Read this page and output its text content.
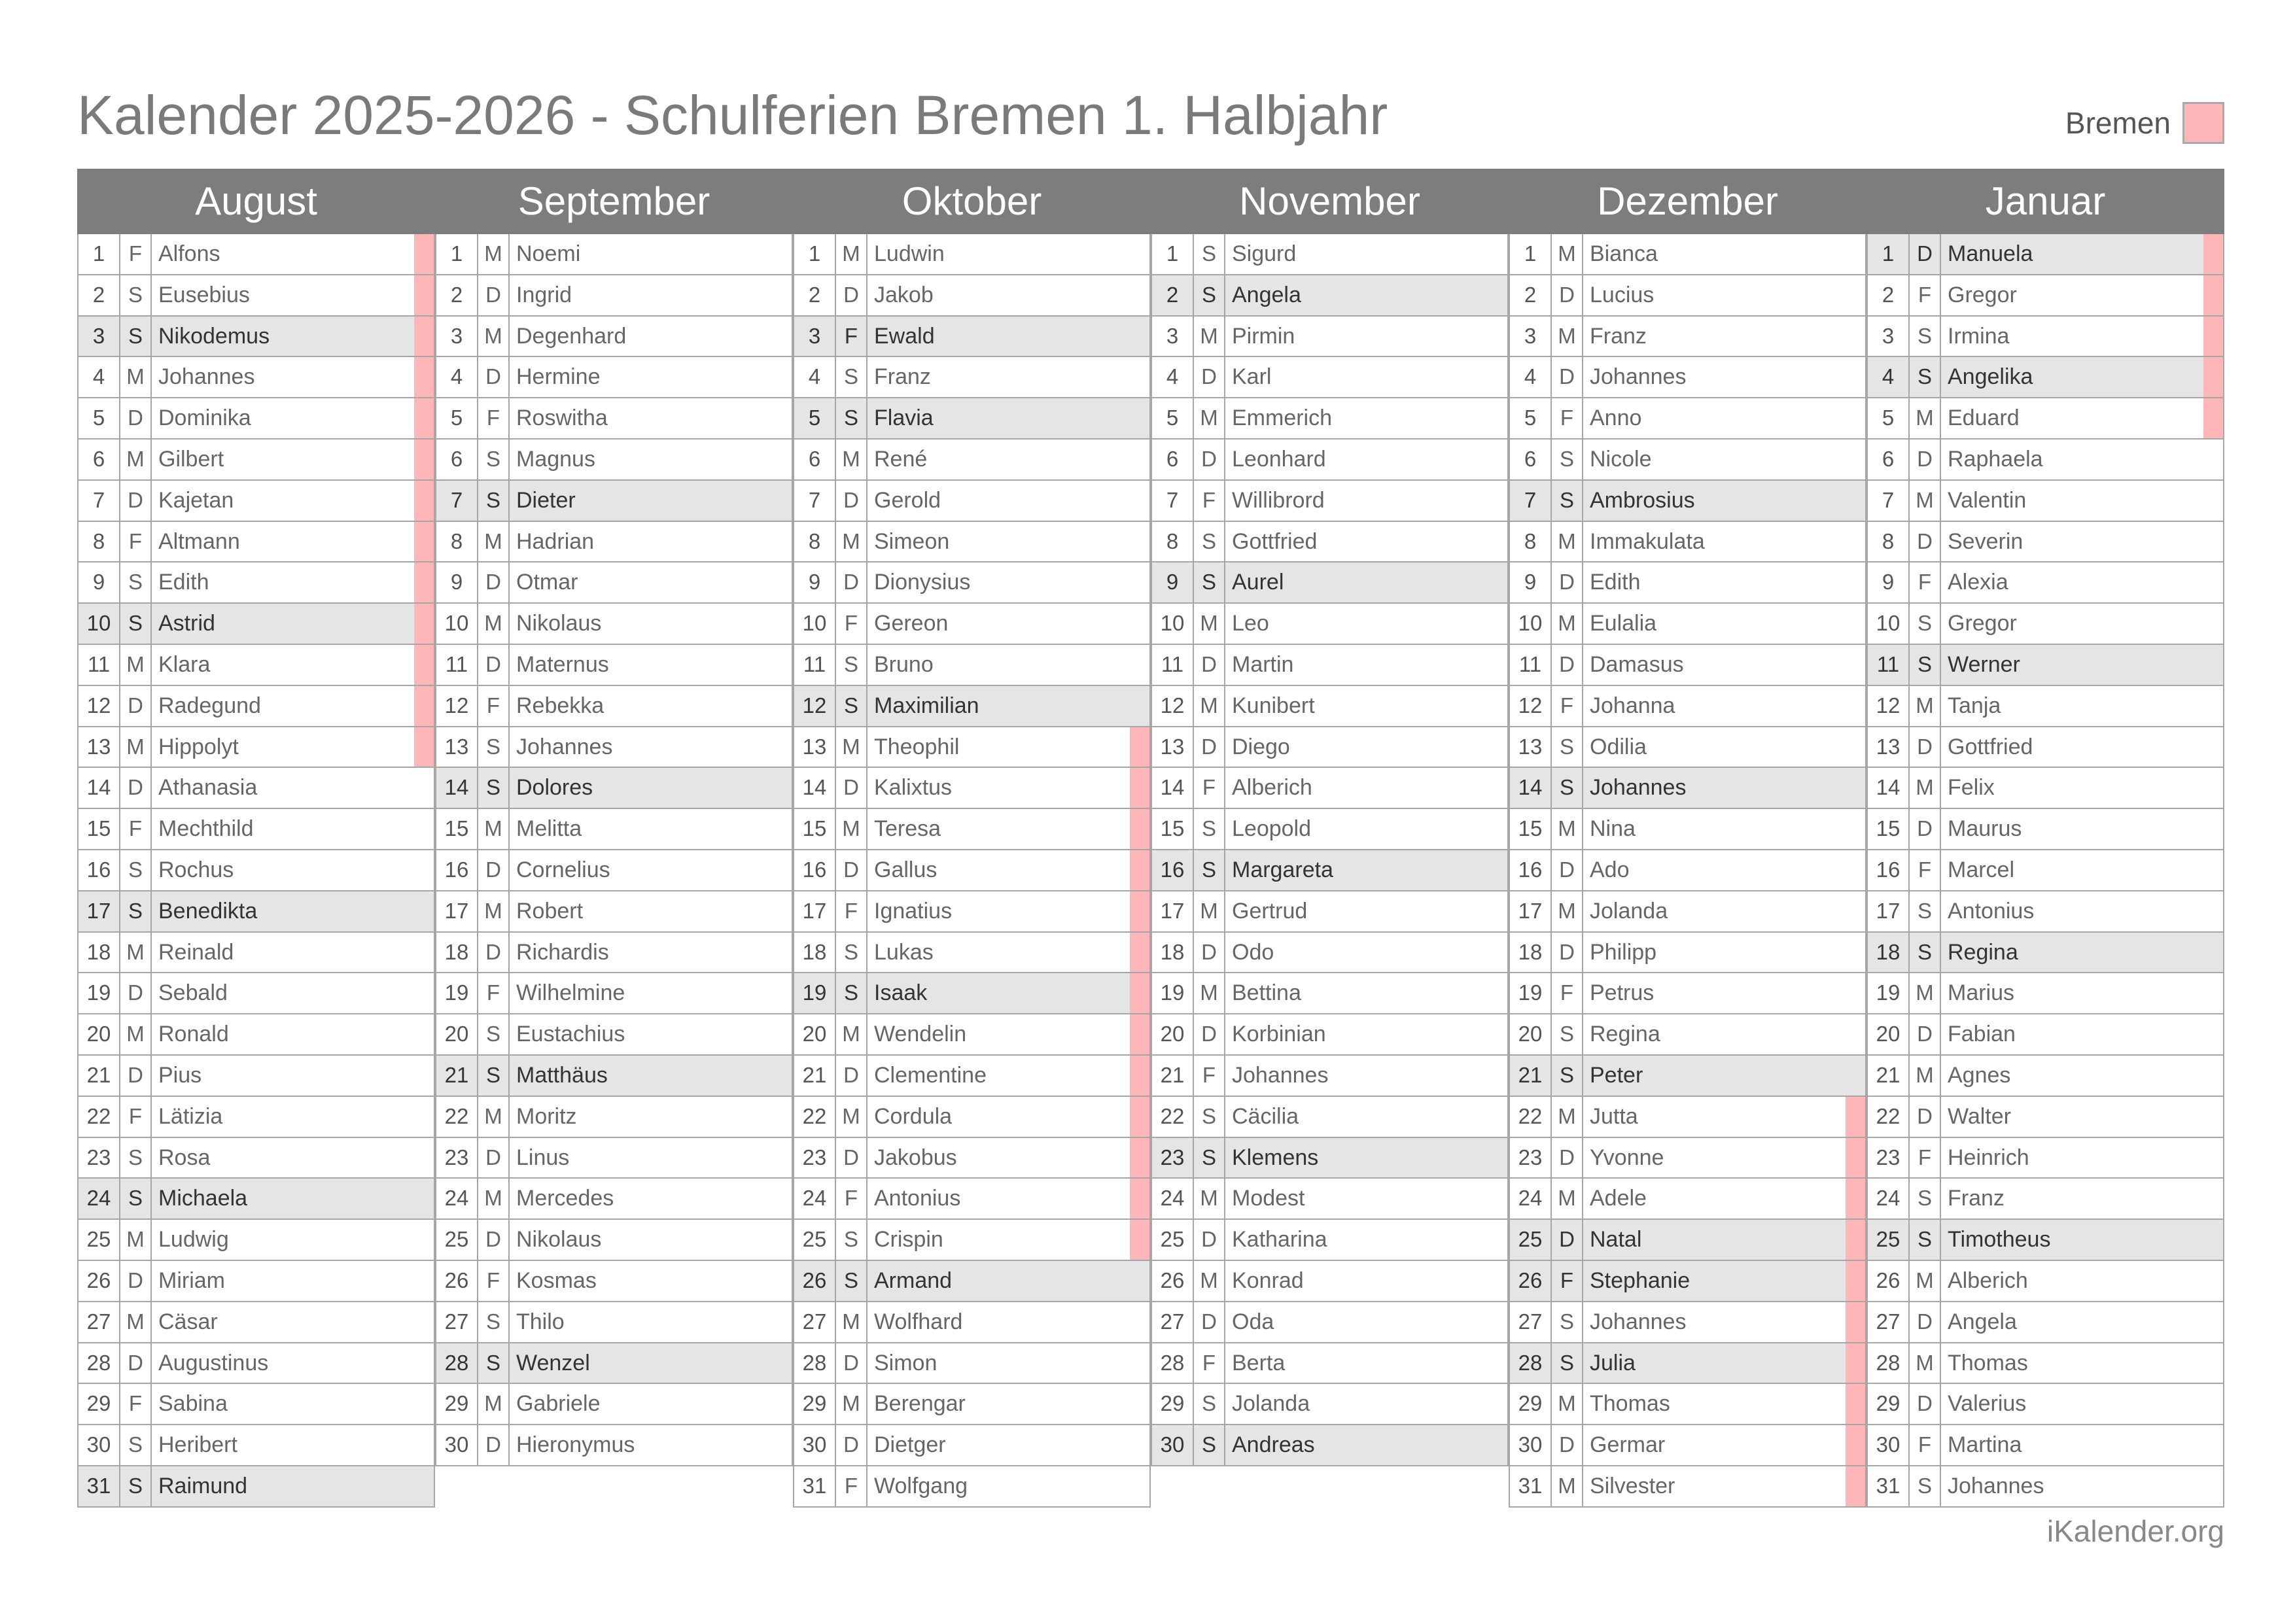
Kalender 2025-2026 - Schulferien Bremen 1. Halbjahr	Bremen
August
1	F Alfons
2	S Eusebius
3	S Nikodemus
4	M Johannes
5	D Dominika
6	M Gilbert
7	D Kajetan
8	F Altmann
9	S Edith
10 S Astrid
11 M Klara
12 D Radegund
13 M Hippolyt
14 D Athanasia
15 F Mechthild
16 S Rochus
17 S Benedikta
18 M Reinald
19 D Sebald
20 M Ronald
21 D Pius
22 F Lätizia
23 S Rosa
24 S Michaela
25 M Ludwig
26 D Miriam
27 M Cäsar
28 D Augustinus
29 F Sabina
30 S Heribert
31 S Raimund
September
1	M Noemi
2	D Ingrid
3	M Degenhard
4	D Hermine
5	F Roswitha
6	S Magnus
7	S Dieter
8	M Hadrian
9	D Otmar
10 M Nikolaus
11 D Maternus
12 F Rebekka
13 S Johannes
14 S Dolores
15 M Melitta
16 D Cornelius
17 M Robert
18 D Richardis
19 F Wilhelmine
20 S Eustachius
21 S Matthäus
22 M Moritz
23 D Linus
24 M Mercedes
25 D Nikolaus
26 F Kosmas
27 S Thilo
28 S Wenzel
29 M Gabriele
30 D Hieronymus
Oktober
1	M Ludwin
2	D Jakob
3	F Ewald
4	S Franz
5	S Flavia
6	M René
7	D Gerold
8	M Simeon
9	D Dionysius
10 F Gereon
11 S Bruno
12 S Maximilian
13 M Theophil
14 D Kalixtus
15 M Teresa
16 D Gallus
17 F Ignatius
18 S Lukas
19 S Isaak
20 M Wendelin
21 D Clementine
22 M Cordula
23 D Jakobus
24 F Antonius
25 S Crispin
26 S Armand
27 M Wolfhard
28 D Simon
29 M Berengar
30 D Dietger
31 F Wolfgang
November
1	S Sigurd
2	S Angela
3	M Pirmin
4	D Karl
5	M Emmerich
6	D Leonhard
7	F Willibrord
8	S Gottfried
9	S Aurel
10 M Leo
11 D Martin
12 M Kunibert
13 D Diego
14 F Alberich
15 S Leopold
16 S Margareta
17 M Gertrud
18 D Odo
19 M Bettina
20 D Korbinian
21 F Johannes
22 S Cäcilia
23 S Klemens
24 M Modest
25 D Katharina
26 M Konrad
27 D Oda
28 F Berta
29 S Jolanda
30 S Andreas
Dezember
1	M Bianca
2	D Lucius
3	M Franz
4	D Johannes
5	F Anno
6	S Nicole
7	S Ambrosius
8	M Immakulata
9	D Edith
10 M Eulalia
11 D Damasus
12 F Johanna
13 S Odilia
14 S Johannes
15 M Nina
16 D Ado
17 M Jolanda
18 D Philipp
19 F Petrus
20 S Regina
21 S Peter
22 M Jutta
23 D Yvonne
24 M Adele
25 D Natal
26 F Stephanie
27 S Johannes
28 S Julia
29 M Thomas
30 D Germar
31 M Silvester
Januar
1	D Manuela
2	F Gregor
3	S Irmina
4	S Angelika
5	M Eduard
6	D Raphaela
7	M Valentin
8	D Severin
9	F Alexia
10 S Gregor
11 S Werner
12 M Tanja
13 D Gottfried
14 M Felix
15 D Maurus
16 F Marcel
17 S Antonius
18 S Regina
19 M Marius
20 D Fabian
21 M Agnes
22 D Walter
23 F Heinrich
24 S Franz
25 S Timotheus
26 M Alberich
27 D Angela
28 M Thomas
29 D Valerius
30 F Martina
31 S Johannes
iKalender.org
